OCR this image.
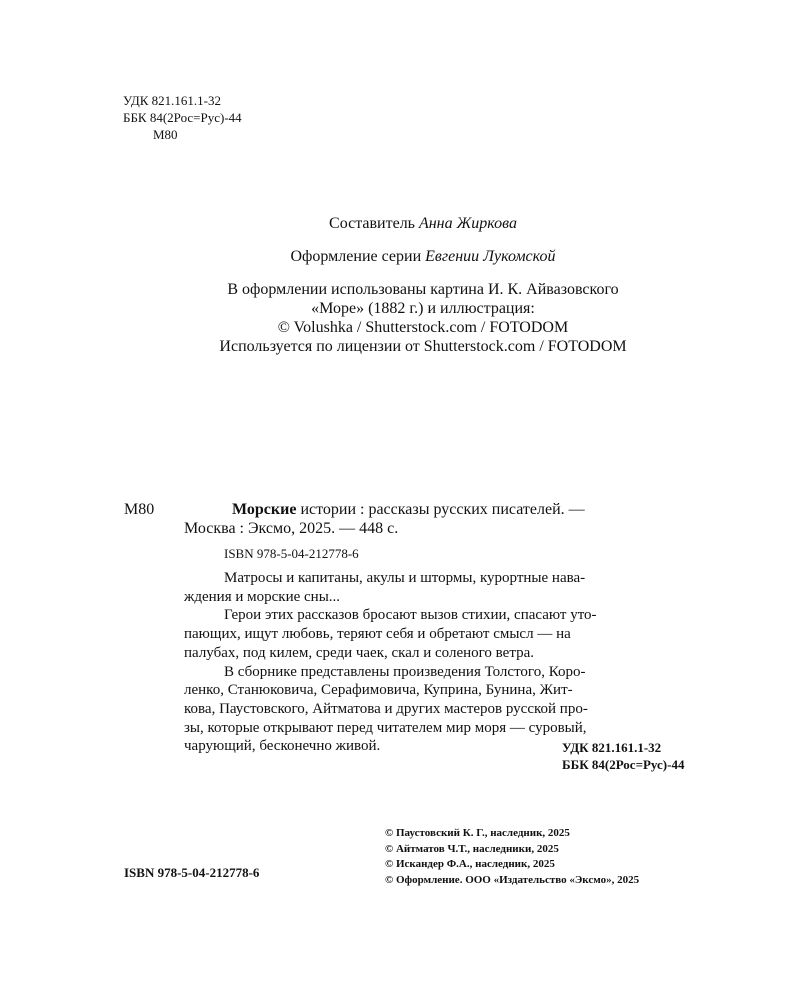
УДК 821.161.1-32
ББК 84(2Рос=Рус)-44
М80
Составитель Анна Жиркова
Оформление серии Евгении Лукомской
В оформлении использованы картина И. К. Айвазовского
«Море» (1882 г.) и иллюстрация:
© Volushka / Shutterstock.com / FOTODOM
Используется по лицензии от Shutterstock.com / FOTODOM
М80	Морские истории : рассказы русских писателей. —
Москва : Эксмо, 2025. — 448 с.
ISBN 978-5-04-212778-6
Матросы и капитаны, акулы и штормы, курортные нава-
ждения и морские сны...
Герои этих рассказов бросают вызов стихии, спасают уто-
пающих, ищут любовь, теряют себя и обретают смысл — на
палубах, под килем, среди чаек, скал и соленого ветра.
В сборнике представлены произведения Толстого, Коро-
ленко, Станюковича, Серафимовича, Куприна, Бунина, Жит-
кова, Паустовского, Айтматова и других мастеров русской про-
зы, которые открывают перед читателем мир моря — суровый,
чарующий, бесконечно живой.	УДК 821.161.1-32
ББК 84(2Рос=Рус)-44
ISBN 978-5-04-212778-6
© Паустовский К. Г., наследник, 2025
© Айтматов Ч.Т., наследники, 2025
© Искандер Ф.А., наследник, 2025
© Оформление. ООО «Издательство «Эксмо», 2025
